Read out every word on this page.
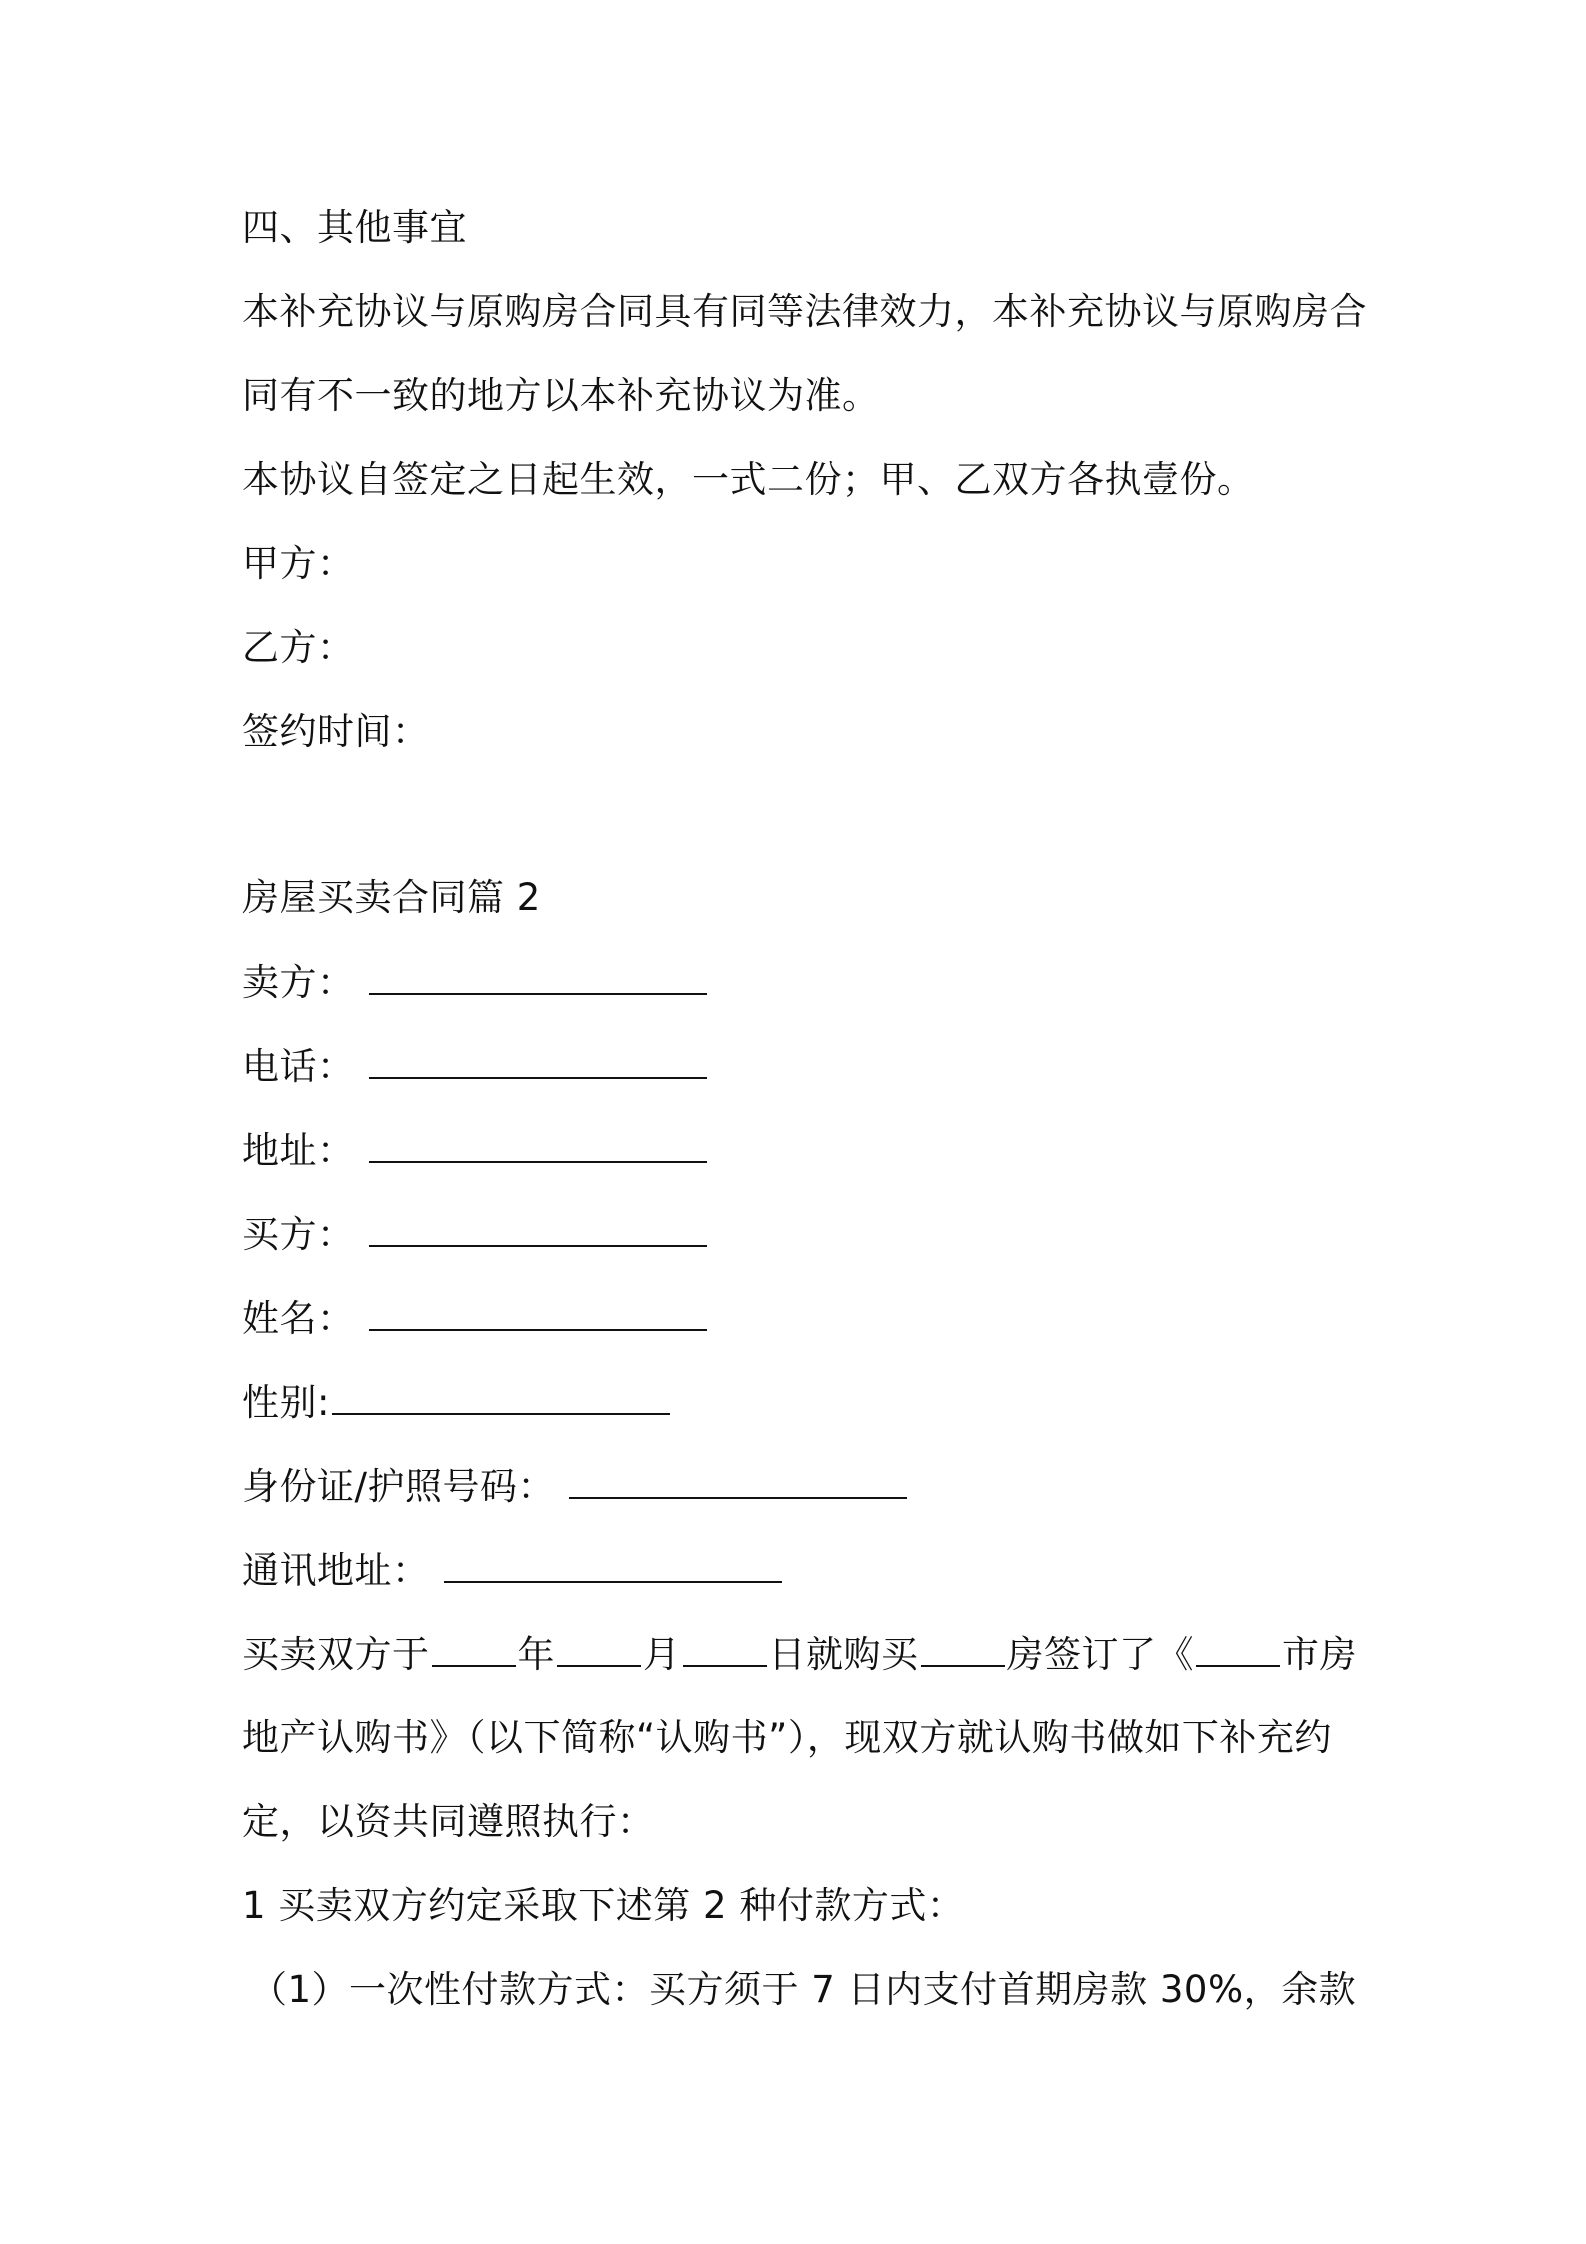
四、其他事宜
本补充协议与原购房合同具有同等法律效力，本补充协议与原购房合
同有不一致的地方以本补充协议为准。
本协议自签定之日起生效，一式二份；甲、乙双方各执壹份。
甲方：
乙方：
签约时间：
房屋买卖合同篇 2
卖方：
电话：
地址：
买方：
姓名：
性别:
身份证/护照号码：
通讯地址：
买卖双方于 年 月 日就购买 房签订了《 市房
地产认购书》（以下简称“认购书”），现双方就认购书做如下补充约
定，以资共同遵照执行：
1 买卖双方约定采取下述第 2 种付款方式：
（1）一次性付款方式：买方须于 7 日内支付首期房款 30%，余款
